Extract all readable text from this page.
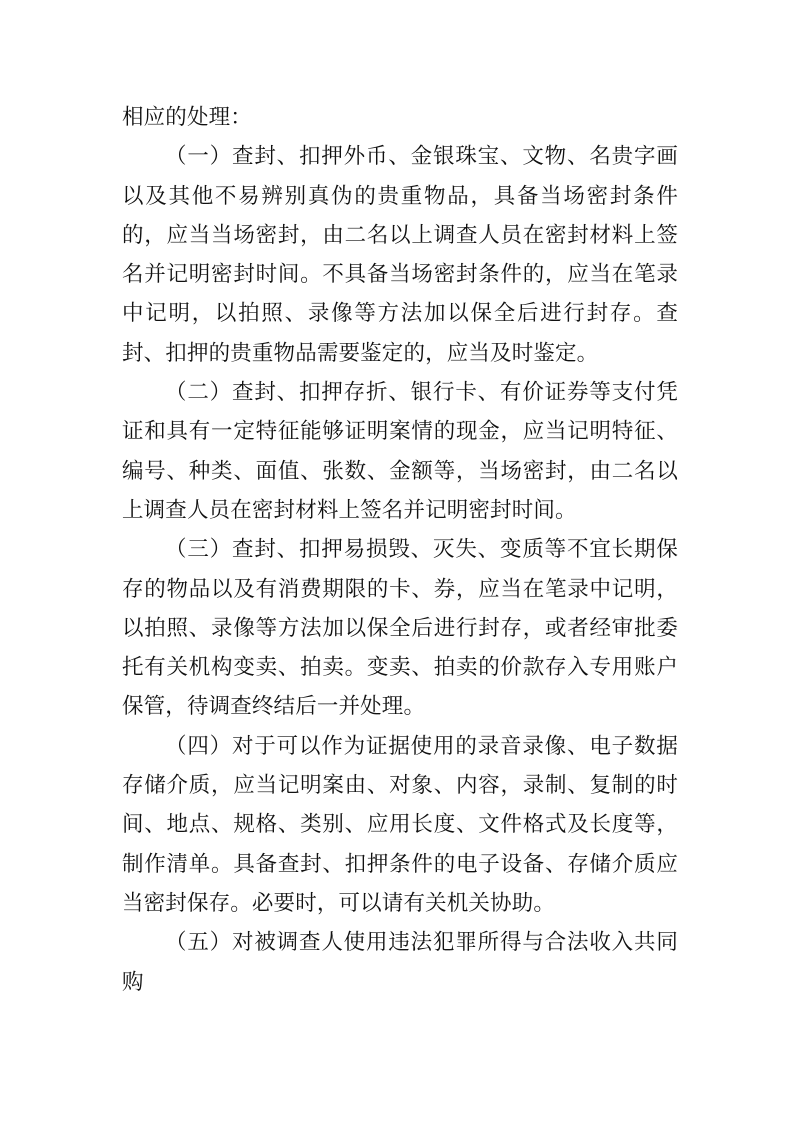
相应的处理：

（一）查封、扣押外币、金银珠宝、文物、名贵字画以及其他不易辨别真伪的贵重物品，具备当场密封条件的，应当当场密封，由二名以上调查人员在密封材料上签名并记明密封时间。不具备当场密封条件的，应当在笔录中记明，以拍照、录像等方法加以保全后进行封存。查封、扣押的贵重物品需要鉴定的，应当及时鉴定。

（二）查封、扣押存折、银行卡、有价证券等支付凭证和具有一定特征能够证明案情的现金，应当记明特征、编号、种类、面值、张数、金额等，当场密封，由二名以上调查人员在密封材料上签名并记明密封时间。

（三）查封、扣押易损毁、灭失、变质等不宜长期保存的物品以及有消费期限的卡、券，应当在笔录中记明，以拍照、录像等方法加以保全后进行封存，或者经审批委托有关机构变卖、拍卖。变卖、拍卖的价款存入专用账户保管，待调查终结后一并处理。

（四）对于可以作为证据使用的录音录像、电子数据存储介质，应当记明案由、对象、内容，录制、复制的时间、地点、规格、类别、应用长度、文件格式及长度等，制作清单。具备查封、扣押条件的电子设备、存储介质应当密封保存。必要时，可以请有关机关协助。

（五）对被调查人使用违法犯罪所得与合法收入共同购
